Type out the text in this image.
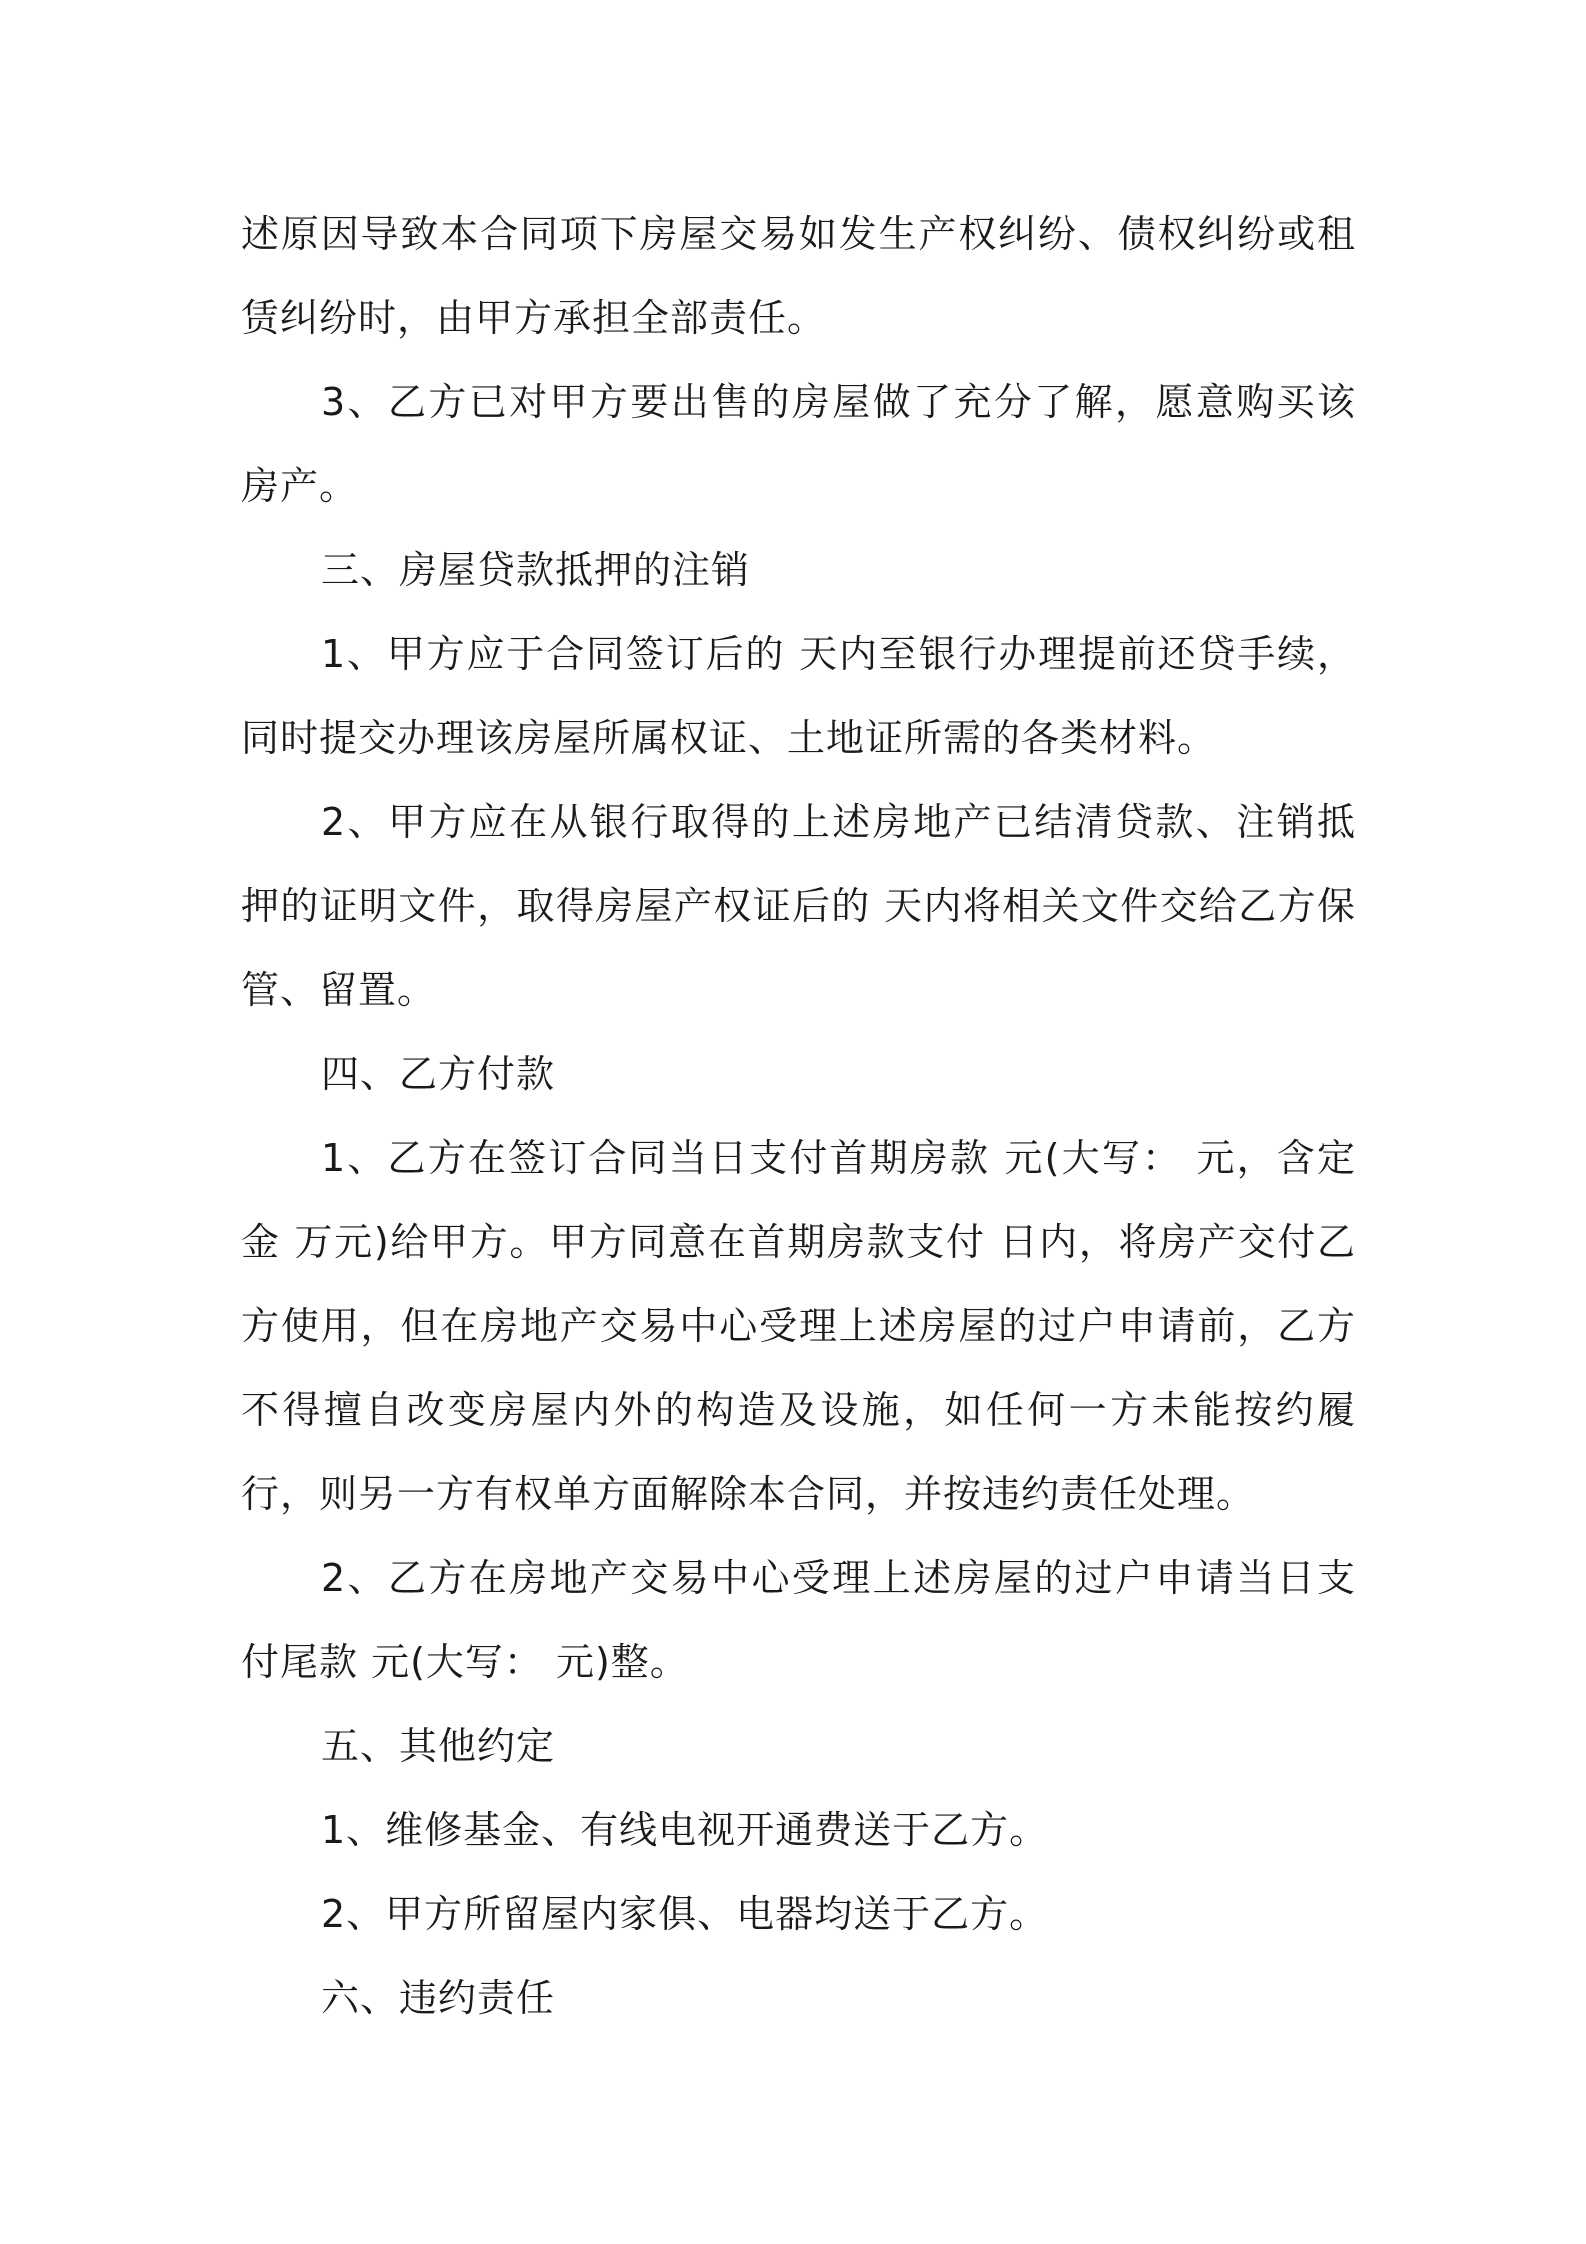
述原因导致本合同项下房屋交易如发生产权纠纷、债权纠纷或租赁纠纷时，由甲方承担全部责任。

3、乙方已对甲方要出售的房屋做了充分了解，愿意购买该房产。

三、房屋贷款抵押的注销

1、甲方应于合同签订后的 天内至银行办理提前还贷手续，同时提交办理该房屋所属权证、土地证所需的各类材料。

2、甲方应在从银行取得的上述房地产已结清贷款、注销抵押的证明文件，取得房屋产权证后的 天内将相关文件交给乙方保管、留置。

四、乙方付款

1、乙方在签订合同当日支付首期房款 元(大写： 元，含定金 万元)给甲方。甲方同意在首期房款支付 日内，将房产交付乙方使用，但在房地产交易中心受理上述房屋的过户申请前，乙方不得擅自改变房屋内外的构造及设施，如任何一方未能按约履行，则另一方有权单方面解除本合同，并按违约责任处理。

2、乙方在房地产交易中心受理上述房屋的过户申请当日支付尾款 元(大写： 元)整。

五、其他约定

1、维修基金、有线电视开通费送于乙方。

2、甲方所留屋内家俱、电器均送于乙方。

六、违约责任
